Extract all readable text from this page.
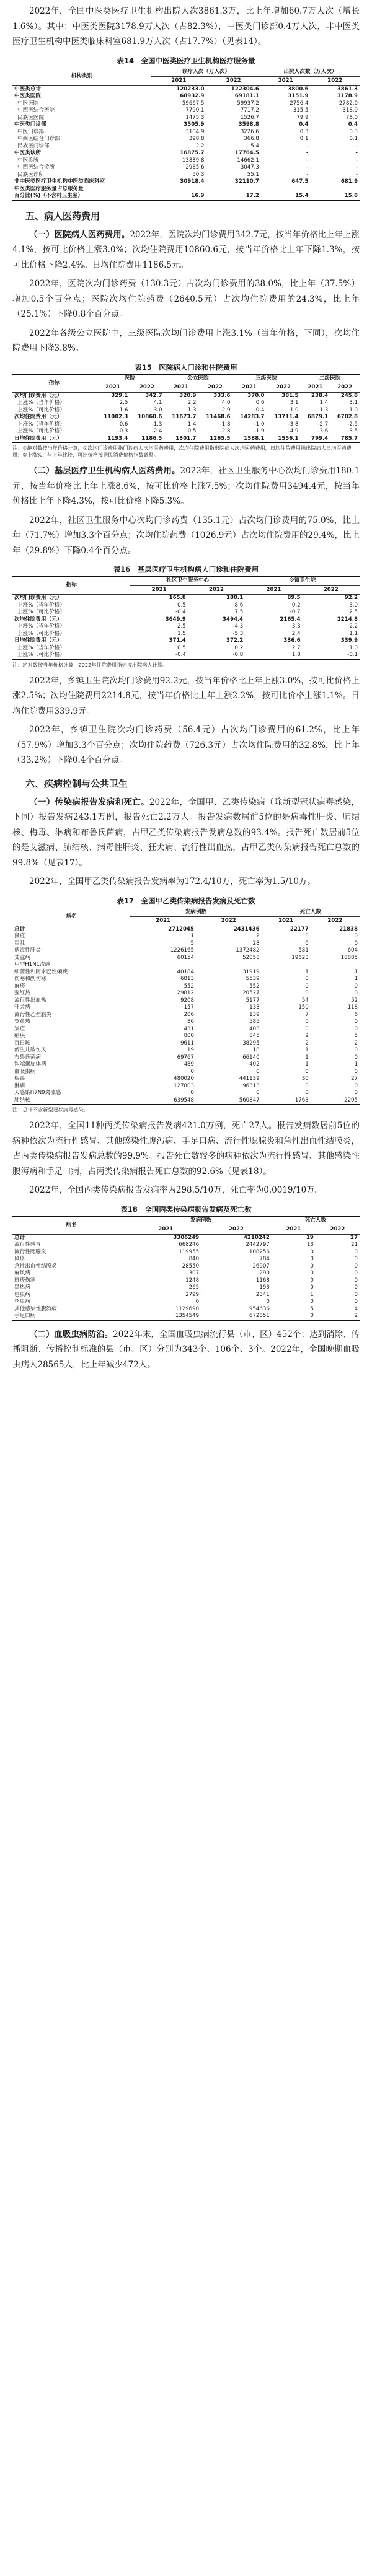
2022年，全国中医类医疗卫生机构出院人次3861.3万，比上年增加60.7万人次（增长1.6%）。其中：中医类医院3178.9万人次（占82.3%），中医类门诊部0.4万人次，非中医类医疗卫生机构中医类临床科室681.9万人次（占17.7%）（见表14）。

表14　全国中医类医疗卫生机构医疗服务量
机构类别	诊疗人次（万人次）		出院人次数（万人次）	
	2021	2022	2021	2022
中医类总计	120233.0	122304.6	3800.6	3861.3
中医类医院	68932.9	69181.1	3151.9	3178.9
中医医院	59667.5	59937.2	2756.4	2782.0
中西医结合医院	7790.1	7717.2	315.5	318.9
民族医医院	1475.3	1526.7	79.9	78.0
中医类门诊部	3505.9	3598.8	0.4	0.4
中医门诊部	3104.9	3226.6	0.3	0.3
中西医结合门诊部	398.8	366.8	0.1	0.1
民族医门诊部	2.2	5.4	-	-
中医类诊所	16875.7	17764.5	-	-
中医诊所	13839.8	14662.1	-	-
中西医结合诊所	2985.6	3047.3	-	-
民族医诊所	50.3	55.1	-	-
非中医类医疗卫生机构中医类临床科室	30918.4	32110.7	647.5	681.9
中医类医疗服务量占总服务量				
百分比(%)（不含村卫生室）	16.9	17.2	15.4	15.8
五、病人医药费用

（一）医院病人医药费用。2022年，医院次均门诊费用342.7元，按当年价格比上年上涨4.1%，按可比价格上涨3.0%；次均住院费用10860.6元，按当年价格比上年下降1.3%，按可比价格下降2.4%。日均住院费用1186.5元。

2022年，医院次均门诊药费（130.3元）占次均门诊费用的38.0%，比上年（37.5%）增加0.5个百分点；医院次均住院药费（2640.5元）占次均住院费用的24.3%，比上年（25.1%）下降0.8个百分点。

2022年各级公立医院中，三级医院次均门诊费用上涨3.1%（当年价格，下同），次均住院费用下降3.8%。

表15　医院病人门诊和住院费用
指标	医院		公立医院		三级医院		二级医院	
	2021	2022	2021	2022	2021	2022	2021	2022
次均门诊费用（元）	329.1	342.7	320.9	333.6	370.0	381.5	238.4	245.8
上涨%（当年价格）	2.5	4.1	2.2	4.0	0.6	3.1	1.4	3.1
上涨%（可比价格）	1.6	3.0	1.3	2.9	-0.4	1.0	1.3	1.0
次均住院费用（元）	11002.3	10860.6	11673.7	11468.6	14283.7	13711.4	6879.1	6702.8
上涨%（当年价格）	0.6	-1.3	1.4	-1.8	-1.0	-3.8	-2.7	-2.5
上涨%（可比价格）	-0.3	-2.4	0.5	-2.8	-1.9	-4.9	-3.6	-3.5
日均住院费用（元）	1193.4	1186.5	1301.7	1265.5	1588.1	1556.1	799.4	785.7
注：①绝对数按当年价格计算，②次均门诊费用指门诊病人次均医药费用，次均住院费用指出院病人次均医药费用，日均住院费用指出院病人日均医药费用；③上涨%：与上年比较，可比价格按居民消费价格指数调整。

（二）基层医疗卫生机构病人医药费用。2022年，社区卫生服务中心次均门诊费用180.1元，按当年价格比上年上涨8.6%，按可比价格上涨7.5%；次均住院费用3494.4元，按当年价格比上年下降4.3%，按可比价格下降5.3%。

2022年，社区卫生服务中心次均门诊药费（135.1元）占次均门诊费用的75.0%，比上年（71.7%）增加3.3个百分点；次均住院药费（1026.9元）占次均住院费用的29.4%，比上年（29.8%）下降0.4个百分点。

表16　基层医疗卫生机构病人门诊和住院费用
指标	社区卫生服务中心		乡镇卫生院	
	2021	2022	2021	2022
次均门诊费用（元）	165.8	180.1	89.5	92.2
上涨%（当年价格）	0.5	8.6	0.2	3.0
上涨%（可比价格）	-0.4	7.5	-0.7	2.5
次均住院费用（元）	3649.9	3494.4	2165.4	2214.8
上涨%（当年价格）	2.5	-4.3	3.3	2.2
上涨%（可比价格）	1.5	-5.3	2.4	1.1
日均住院费用（元）	371.4	372.2	336.6	339.9
上涨%（当年价格）	0.5	0.2	2.7	1.0
上涨%（可比价格）	-0.4	-0.8	1.8	-0.1
注：绝对数按当年价格计算，2022年住院费用指标按出院病人计算。

2022年，乡镇卫生院次均门诊费用92.2元，按当年价格比上年上涨3.0%，按可比价格上涨2.5%；次均住院费用2214.8元，按当年价格比上年上涨2.2%，按可比价格上涨1.1%。日均住院费用339.9元。

2022年，乡镇卫生院次均门诊药费（56.4元）占次均门诊费用的61.2%，比上年（57.9%）增加3.3个百分点；次均住院药费（726.3元）占次均住院费用的32.8%，比上年（33.2%）下降0.4个百分点。

六、疾病控制与公共卫生

（一）传染病报告发病和死亡。2022年，全国甲、乙类传染病（除新型冠状病毒感染，下同）报告发病243.1万例，报告死亡2.2万人。报告发病数居前5位的是病毒性肝炎、肺结核、梅毒、淋病和布鲁氏菌病，占甲乙类传染病报告发病总数的93.4%。报告死亡数居前5位的是艾滋病、肺结核、病毒性肝炎、狂犬病、流行性出血热，占甲乙类传染病报告死亡总数的99.8%（见表17）。

2022年，全国甲乙类传染病报告发病率为172.4/10万，死亡率为1.5/10万。

表17　全国甲乙类传染病报告发病及死亡数
病名	发病例数		死亡人数	
	2021	2022	2021	2022
总计	2712045	2431436	22177	21838
鼠疫	1	2	0	0
霍乱	5	28	0	0
病毒性肝炎	1226165	1372482	581	604
艾滋病	60154	52058	19623	18885
甲型H1N1流感				
细菌性和阿米巴性痢疾	40184	31919	1	1
伤寒和副伤寒	6813	5539	0	1
麻疹	552	552	0	0
猩红热	29812	20527	0	0
流行性出血热	9208	5177	54	52
狂犬病	157	133	150	118
流行性乙型脑炎	206	139	7	6
登革热	86	585	0	0
炭疽	431	403	0	0
疟疾	800	845	2	5
百日咳	9611	38295	2	2
新生儿破伤风	19	18	1	0
布鲁氏菌病	69767	66140	1	0
钩端螺旋体病	489	402	1	1
血吸虫病	0	0	0	0
梅毒	480020	441139	30	27
淋病	127803	96313	0	0
人感染H7N9禽流感	0	0	0	0
肺结核	639548	560847	1763	2205
注：总计不含新型冠状病毒感染。

2022年，全国11种丙类传染病报告发病421.0万例，死亡27人。报告发病数居前5位的病种依次为流行性感冒、其他感染性腹泻病、手足口病、流行性腮腺炎和急性出血性结膜炎，占丙类传染病报告发病总数的99.9%。报告死亡数较多的病种依次为流行性感冒、其他感染性腹泻病和手足口病，占丙类传染病报告死亡总数的92.6%（见表18）。

2022年，全国丙类传染病报告发病率为298.5/10万，死亡率为0.0019/10万。

表18　全国丙类传染病报告发病及死亡数
病名	发病例数		死亡人数	
	2021	2022	2021	2022
总计	3306249	4210242	19	27
流行性感冒	668246	2442797	13	21
流行性腮腺炎	119955	108256	0	0
风疹	840	784	0	0
急性出血性结膜炎	28550	26907	0	0
麻风病	307	290	0	0
斑疹伤寒	1248	1168	0	0
黑热病	265	193	0	0
包虫病	2799	2341	1	0
丝虫病	0	0	0	0
其他感染性腹泻病	1129690	954636	5	4
手足口病	1354549	672851	0	2

（二）血吸虫病防治。2022年末，全国血吸虫病流行县（市、区）452个；达到消除、传播阻断、传播控制标准的县（市、区）分别为343个、106个、3个。2022年，全国晚期血吸虫病人28565人，比上年减少472人。
